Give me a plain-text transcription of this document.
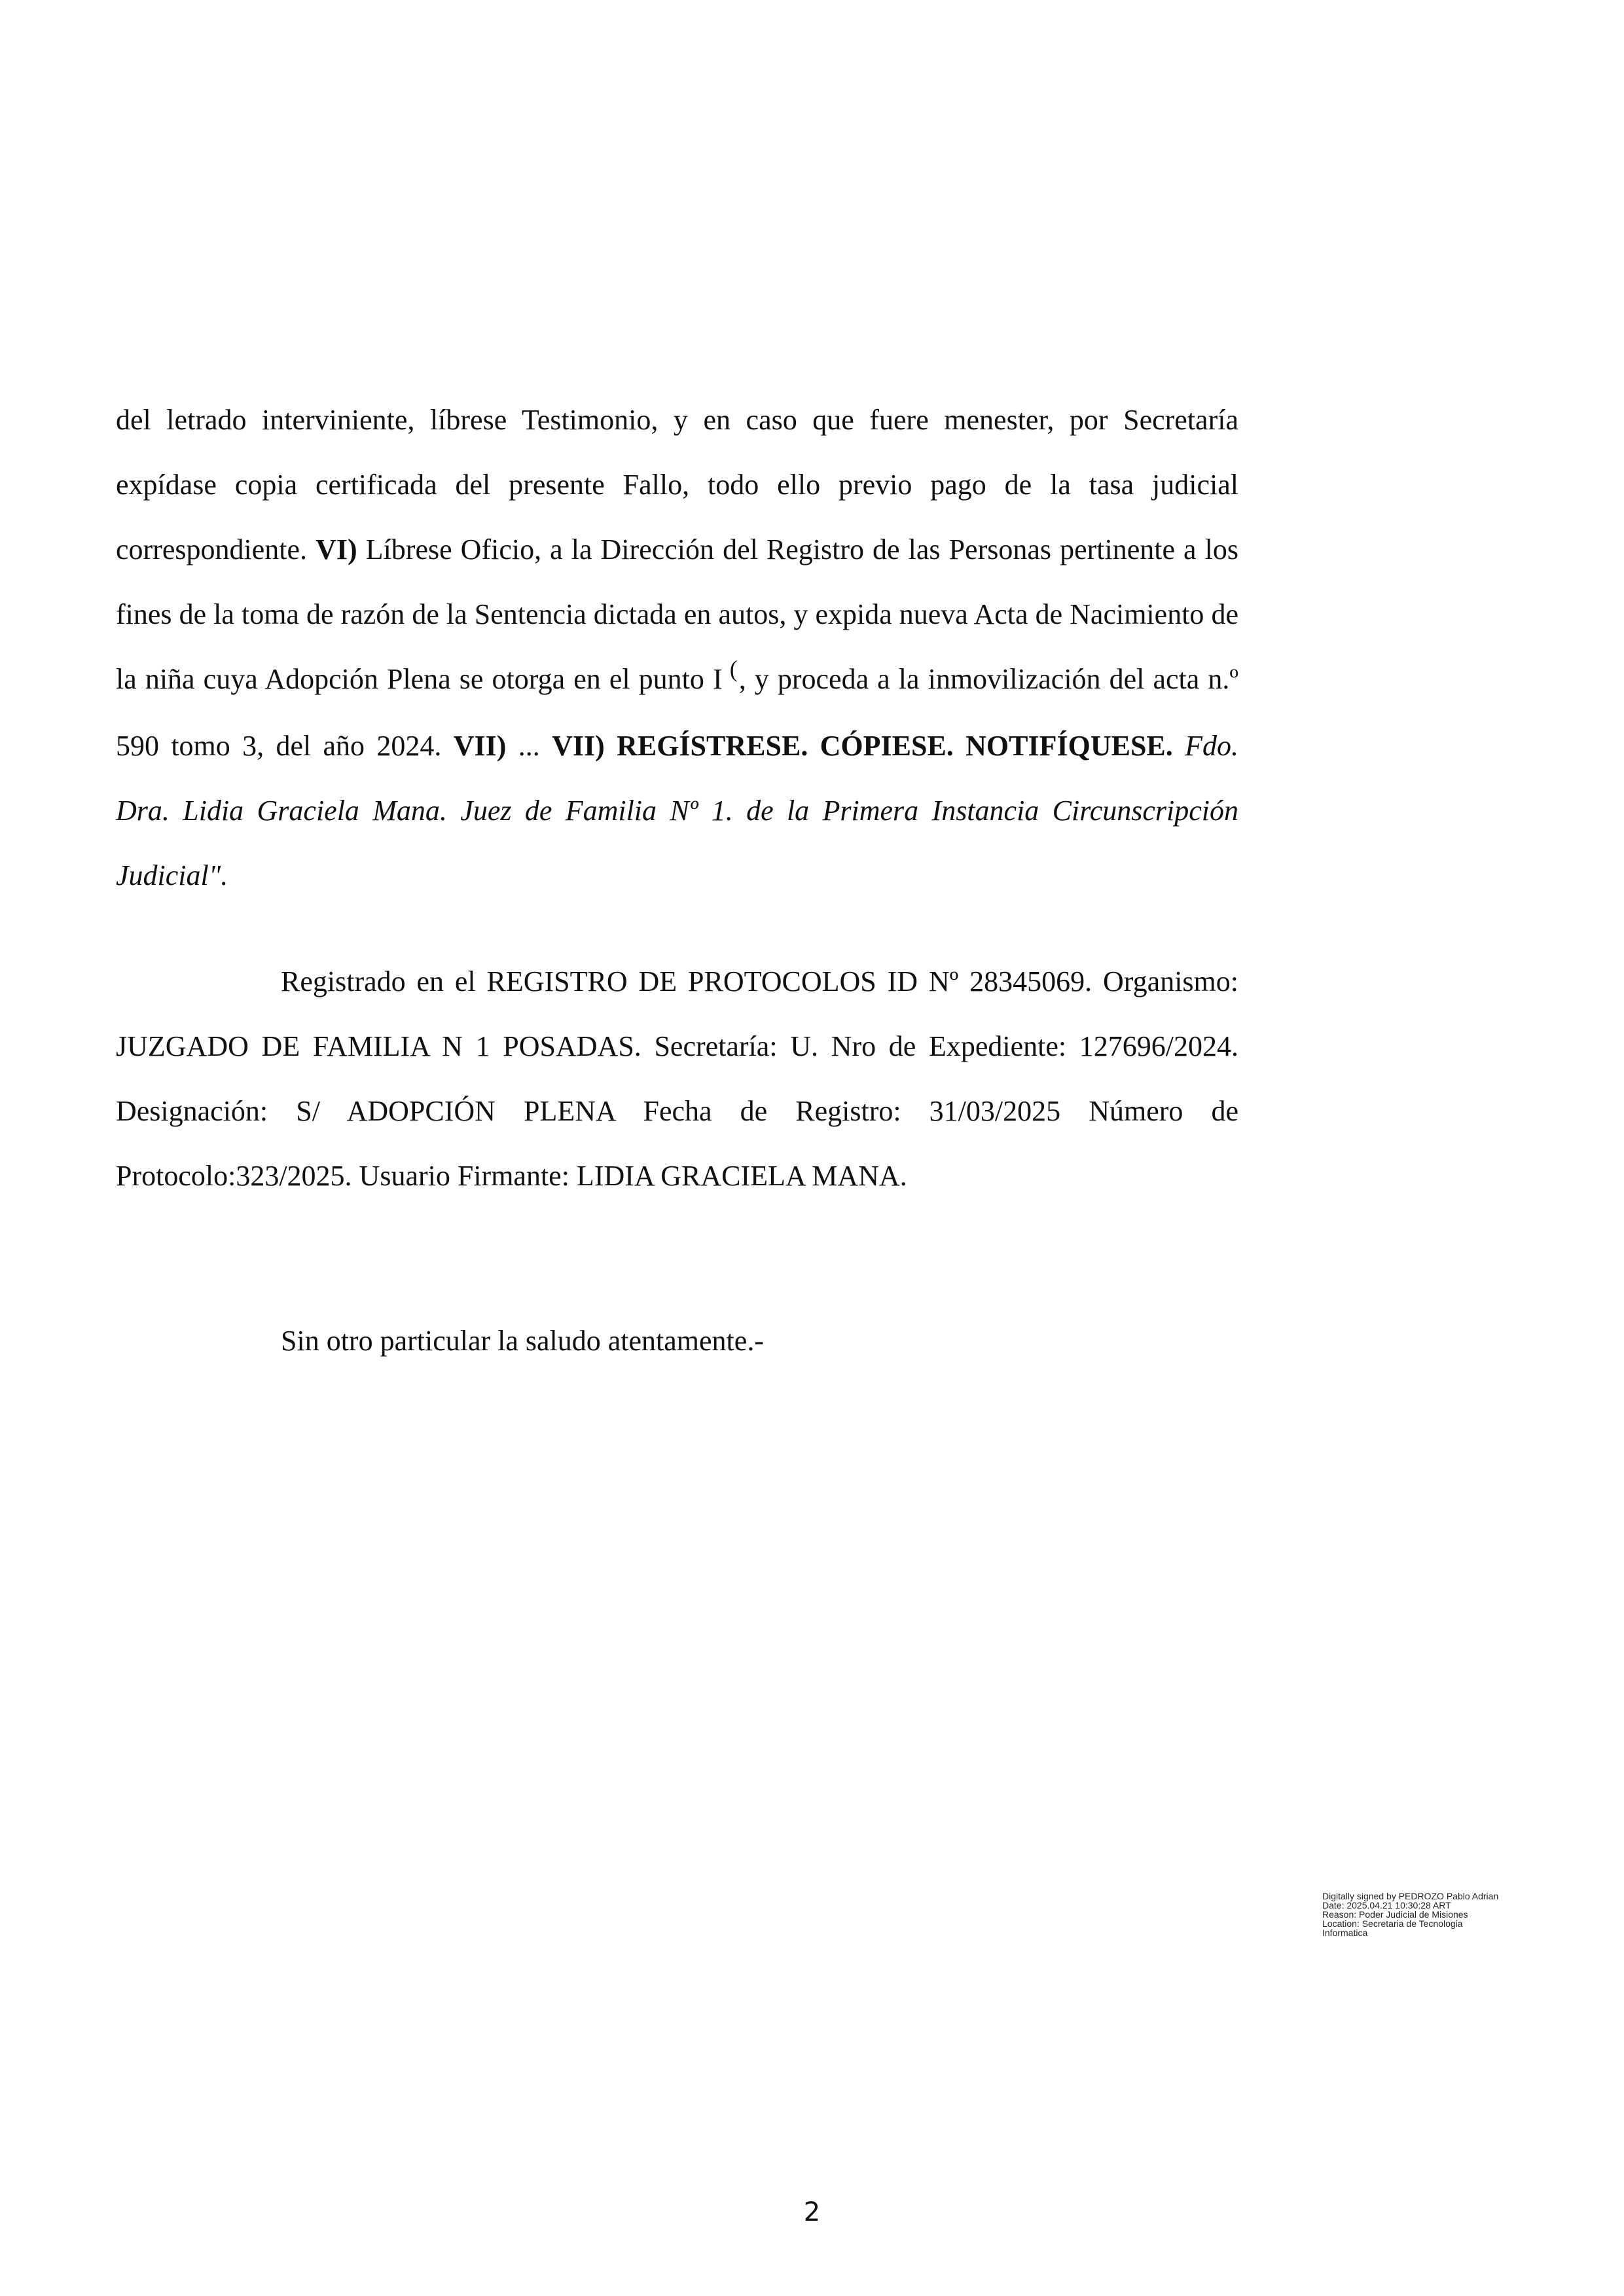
del letrado interviniente, líbrese Testimonio, y en caso que fuere menester, por Secretaría expídase copia certificada del presente Fallo, todo ello previo pago de la tasa judicial correspondiente. VI) Líbrese Oficio, a la Dirección del Registro de las Personas pertinente a los fines de la toma de razón de la Sentencia dictada en autos, y expida nueva Acta de Nacimiento de la niña cuya Adopción Plena se otorga en el punto I (, y proceda a la inmovilización del acta n.º 590 tomo 3, del año 2024. VII) ... VII) REGÍSTRESE. CÓPIESE. NOTIFÍQUESE. Fdo. Dra. Lidia Graciela Mana. Juez de Familia Nº 1. de la Primera Instancia Circunscripción Judicial".
Registrado en el REGISTRO DE PROTOCOLOS ID Nº 28345069. Organismo: JUZGADO DE FAMILIA N 1 POSADAS. Secretaría: U. Nro de Expediente: 127696/2024. Designación: S/ ADOPCIÓN PLENA Fecha de Registro: 31/03/2025 Número de Protocolo:323/2025. Usuario Firmante: LIDIA GRACIELA MANA.
Sin otro particular la saludo atentamente.-
Digitally signed by PEDROZO Pablo Adrian
Date: 2025.04.21 10:30:28 ART
Reason: Poder Judicial de Misiones
Location: Secretaria de Tecnologia
Informatica
2
